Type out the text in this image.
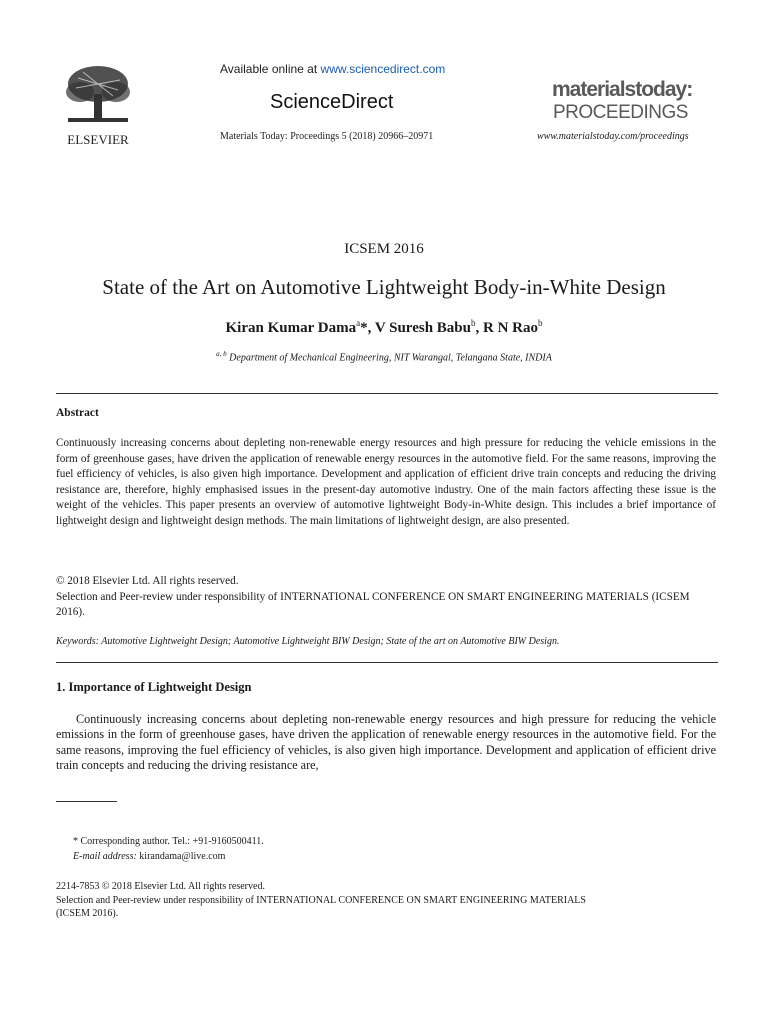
ELSEVIER
Available online at www.sciencedirect.com
ScienceDirect
Materials Today: Proceedings 5 (2018) 20966–20971
materialstoday:
PROCEEDINGS
www.materialstoday.com/proceedings
ICSEM 2016
State of the Art on Automotive Lightweight Body-in-White Design
Kiran Kumar Dama$^a$*, V Suresh Babu$^b$, R N Rao$^b$
$^{a, b}$ Department of Mechanical Engineering, NIT Warangal, Telangana State, INDIA
Abstract
Continuously increasing concerns about depleting non-renewable energy resources and high pressure for reducing the vehicle emissions in the form of greenhouse gases, have driven the application of renewable energy resources in the automotive field. For the same reasons, improving the fuel efficiency of vehicles, is also given high importance. Development and application of efficient drive train concepts and reducing the driving resistance are, therefore, highly emphasised issues in the present-day automotive industry. One of the main factors affecting these issue is the weight of the vehicles. This paper presents an overview of automotive lightweight Body-in-White design. This includes a brief importance of lightweight design and lightweight design methods. The main limitations of lightweight design, are also presented.
© 2018 Elsevier Ltd. All rights reserved.
Selection and Peer-review under responsibility of INTERNATIONAL CONFERENCE ON SMART ENGINEERING MATERIALS (ICSEM 2016).
Keywords: Automotive Lightweight Design; Automotive Lightweight BIW Design; State of the art on Automotive BIW Design.
1. Importance of Lightweight Design
Continuously increasing concerns about depleting non-renewable energy resources and high pressure for reducing the vehicle emissions in the form of greenhouse gases, have driven the application of renewable energy resources in the automotive field. For the same reasons, improving the fuel efficiency of vehicles, is also given high importance. Development and application of efficient drive train concepts and reducing the driving resistance are,
* Corresponding author. Tel.: +91-9160500411.
E-mail address: kirandama@live.com
2214-7853 © 2018 Elsevier Ltd. All rights reserved.
Selection and Peer-review under responsibility of INTERNATIONAL CONFERENCE ON SMART ENGINEERING MATERIALS (ICSEM 2016).
